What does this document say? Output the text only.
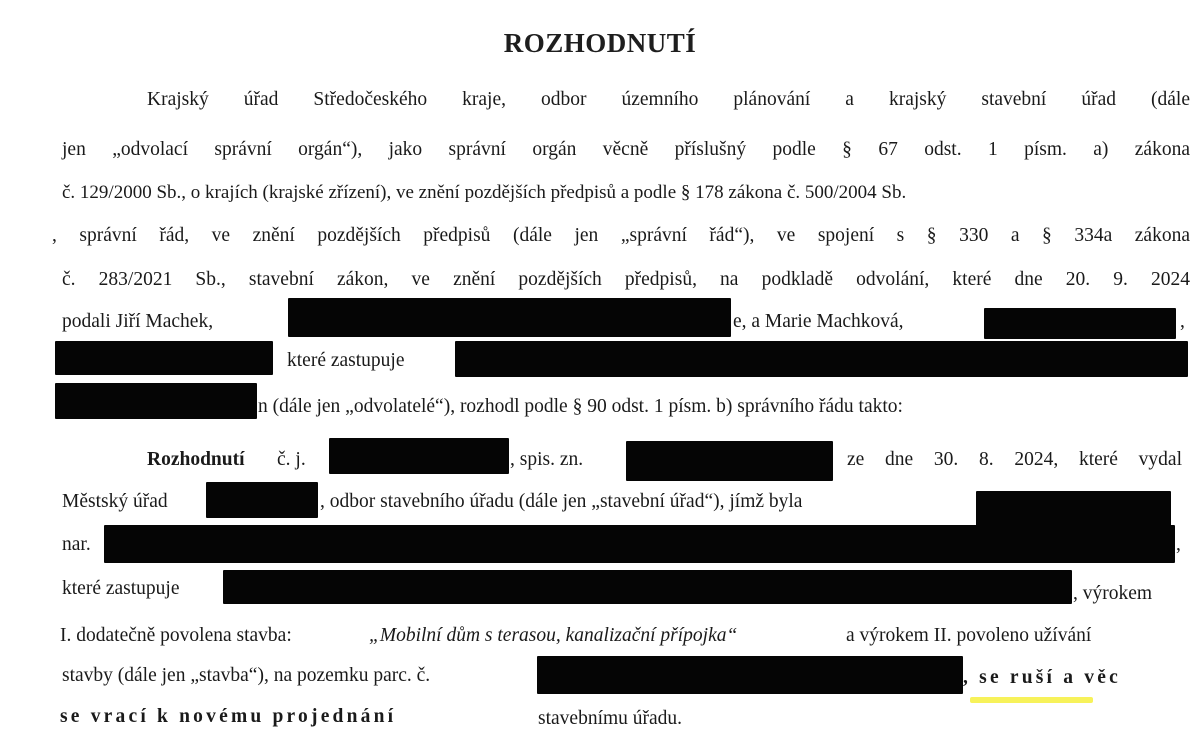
ROZHODNUTÍ
Krajský úřad Středočeského kraje, odbor územního plánování a krajský stavební úřad (dále
jen „odvolací správní orgán“), jako správní orgán věcně příslušný podle § 67 odst. 1 písm. a) zákona
č. 129/2000 Sb., o krajích (krajské zřízení), ve znění pozdějších předpisů a podle § 178 zákona č. 500/2004 Sb.
, správní řád, ve znění pozdějších předpisů (dále jen „správní řád“), ve spojení s § 330 a § 334a zákona
č. 283/2021 Sb., stavební zákon, ve znění pozdějších předpisů, na podkladě odvolání, které dne 20. 9. 2024
podali Jiří Machek,	e, a Marie Machková,	,
které zastupuje
n (dále jen „odvolatelé“), rozhodl podle § 90 odst. 1 písm. b) správního řádu takto:
Rozhodnutí č. j.	, spis. zn.	ze dne 30. 8. 2024, které vydal
Městský úřad	, odbor stavebního úřadu (dále jen „stavební úřad“), jímž byla
nar.	,
které zastupuje	, výrokem
I. dodatečně povolena stavba:	„Mobilní dům s terasou, kanalizační přípojka“	a výrokem II. povoleno užívání
stavby (dále jen „stavba“), na pozemku parc. č.	, se ruší a věc
se vrací k novému projednání	stavebnímu úřadu.
